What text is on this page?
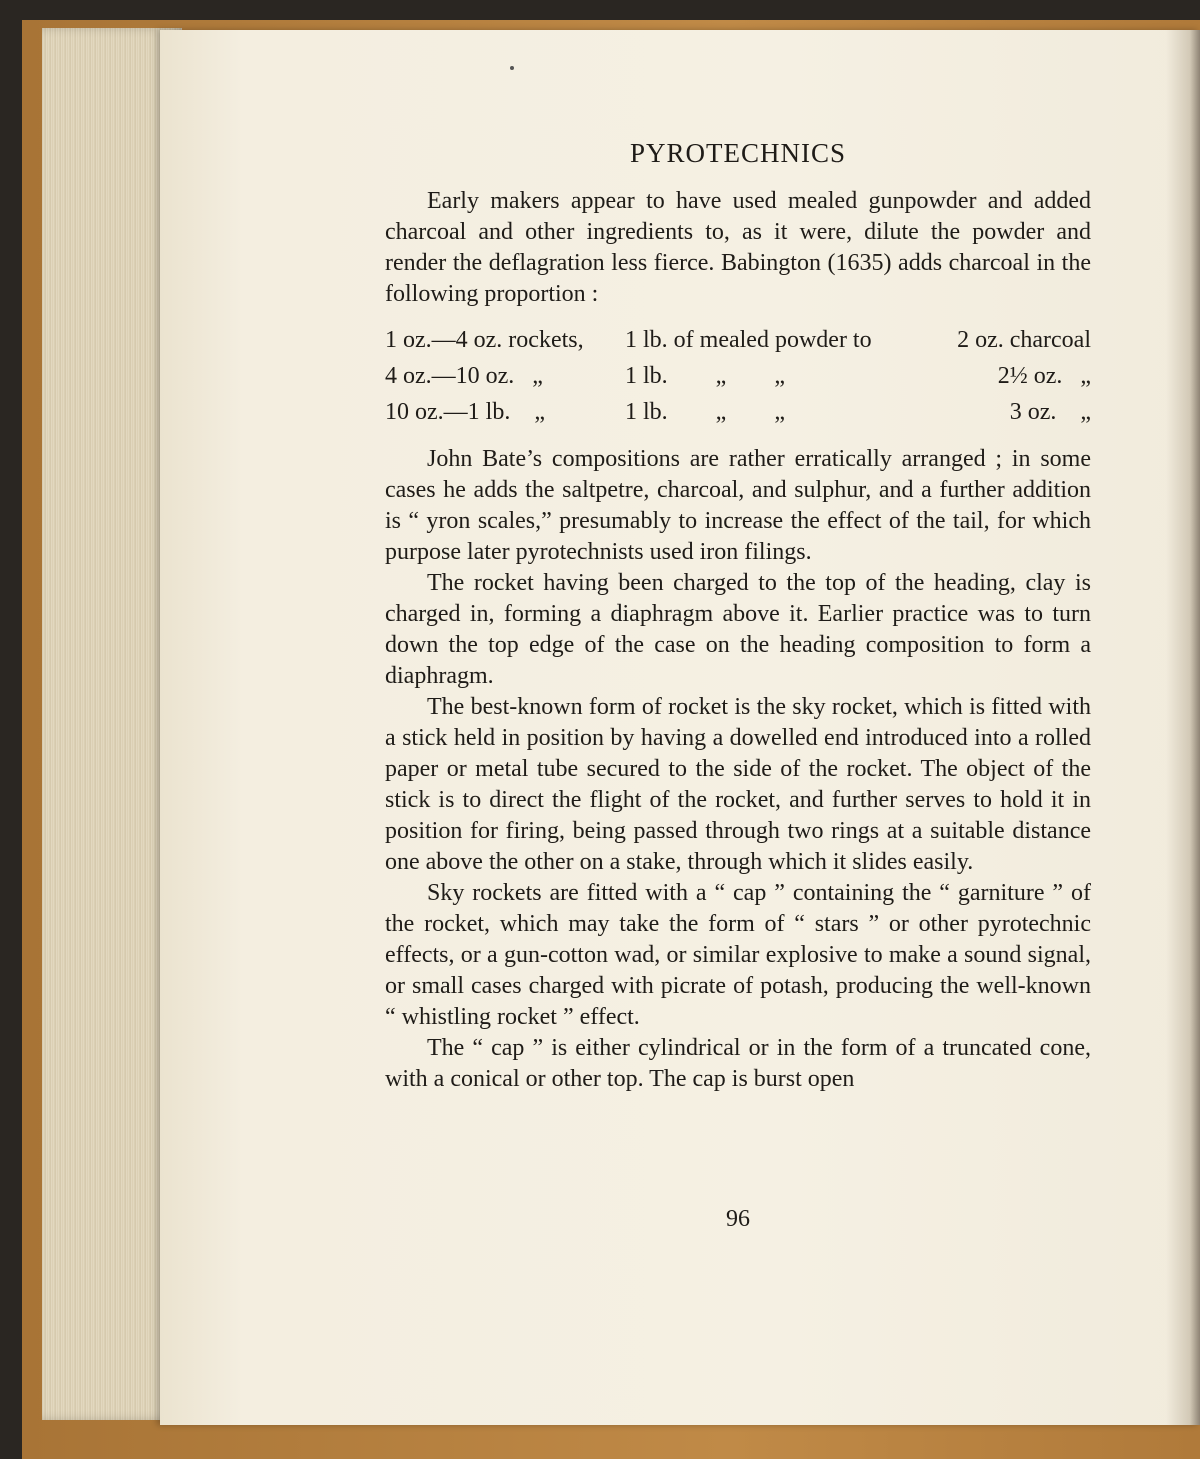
PYROTECHNICS

Early makers appear to have used mealed gunpowder and added charcoal and other ingredients to, as it were, dilute the powder and render the deflagration less fierce. Babington (1635) adds charcoal in the following proportion :

1 oz.—4 oz. rockets,	1 lb. of mealed powder to	2 oz. charcoal
4 oz.—10 oz.   „	1 lb.        „        „	2½ oz.   „
10 oz.—1 lb.    „	1 lb.        „        „	3 oz.    „

John Bate’s compositions are rather erratically arranged ; in some cases he adds the saltpetre, charcoal, and sulphur, and a further addition is “ yron scales,” presumably to increase the effect of the tail, for which purpose later pyrotechnists used iron filings.

The rocket having been charged to the top of the heading, clay is charged in, forming a diaphragm above it. Earlier practice was to turn down the top edge of the case on the heading composition to form a diaphragm.

The best-known form of rocket is the sky rocket, which is fitted with a stick held in position by having a dowelled end introduced into a rolled paper or metal tube secured to the side of the rocket. The object of the stick is to direct the flight of the rocket, and further serves to hold it in position for firing, being passed through two rings at a suitable distance one above the other on a stake, through which it slides easily.

Sky rockets are fitted with a “ cap ” containing the “ garniture ” of the rocket, which may take the form of “ stars ” or other pyrotechnic effects, or a gun-cotton wad, or similar explosive to make a sound signal, or small cases charged with picrate of potash, producing the well-known “ whistling rocket ” effect.

The “ cap ” is either cylindrical or in the form of a truncated cone, with a conical or other top. The cap is burst open

96
